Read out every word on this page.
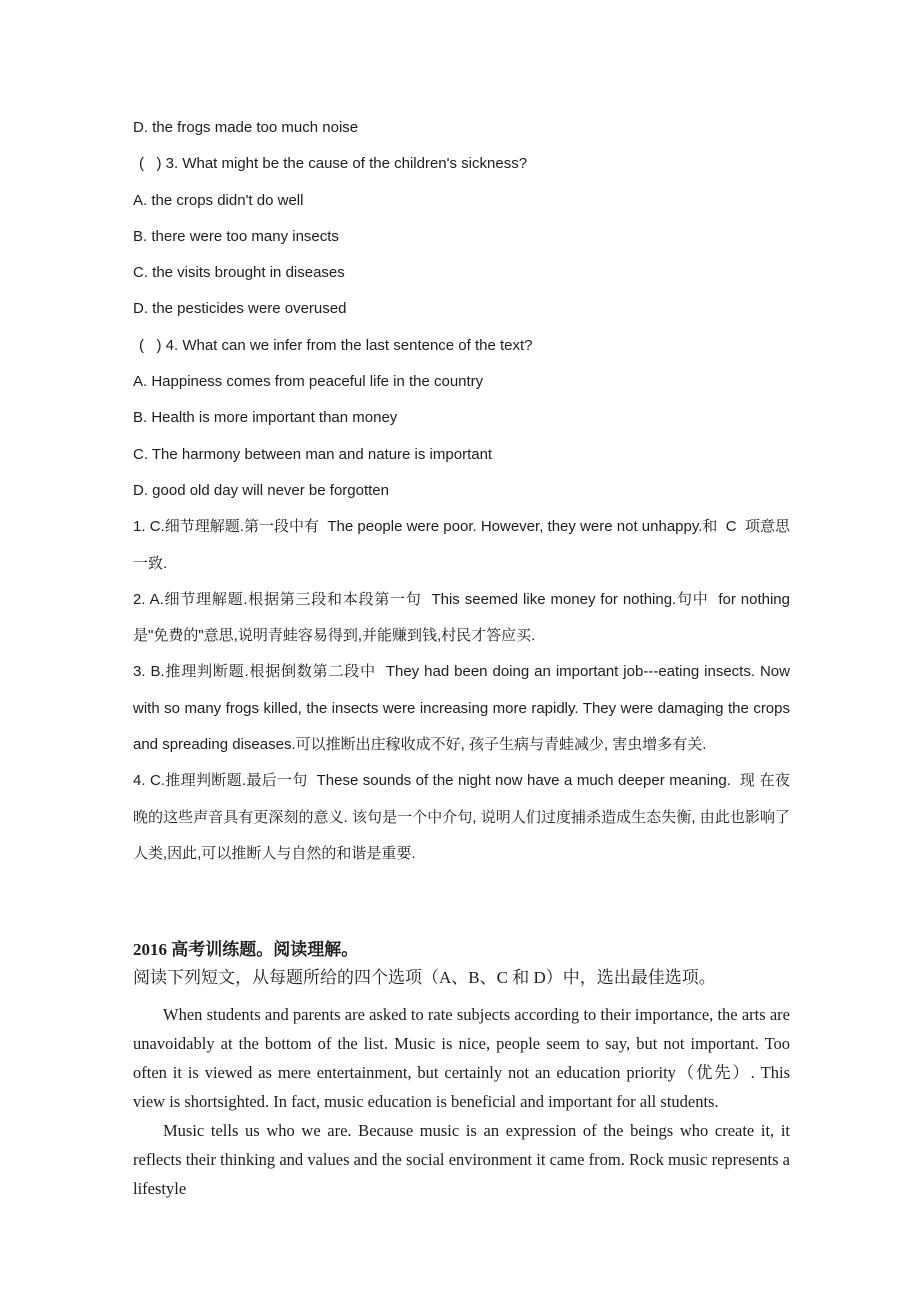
D. the frogs made too much noise

(   ) 3. What might be the cause of the children's sickness?

A. the crops didn't do well

B. there were too many insects

C. the visits brought in diseases

D. the pesticides were overused

(   ) 4. What can we infer from the last sentence of the text?

A. Happiness comes from peaceful life in the country

B. Health is more important than money

C. The harmony between man and nature is important

D. good old day will never be forgotten

1. C.细节理解题.第一段中有  The people were poor. However, they were not unhappy.和  C  项意思一致.

2. A.细节理解题.根据第三段和本段第一句  This seemed like money for nothing.句中  for nothing 是"免费的"意思,说明青蛙容易得到,并能赚到钱,村民才答应买.

3. B.推理判断题.根据倒数第二段中  They had been doing an important job---eating insects. Now with so many frogs killed, the insects were increasing more rapidly. They were damaging the crops and spreading diseases.可以推断出庄稼收成不好, 孩子生病与青蛙减少, 害虫增多有关.

4. C.推理判断题.最后一句  These sounds of the night now have a much deeper meaning.  现 在夜晚的这些声音具有更深刻的意义. 该句是一个中介句, 说明人们过度捕杀造成生态失衡, 由此也影响了人类,因此,可以推断人与自然的和谐是重要.

2016 高考训练题。阅读理解。

阅读下列短文，从每题所给的四个选项（A、B、C 和 D）中，选出最佳选项。

When students and parents are asked to rate subjects according to their importance, the arts are unavoidably at the bottom of the list. Music is nice, people seem to say, but not important. Too often it is viewed as mere entertainment, but certainly not an education priority（优先）. This view is shortsighted. In fact, music education is beneficial and important for all students.

Music tells us who we are. Because music is an expression of the beings who create it, it reflects their thinking and values and the social environment it came from. Rock music represents a lifestyle
